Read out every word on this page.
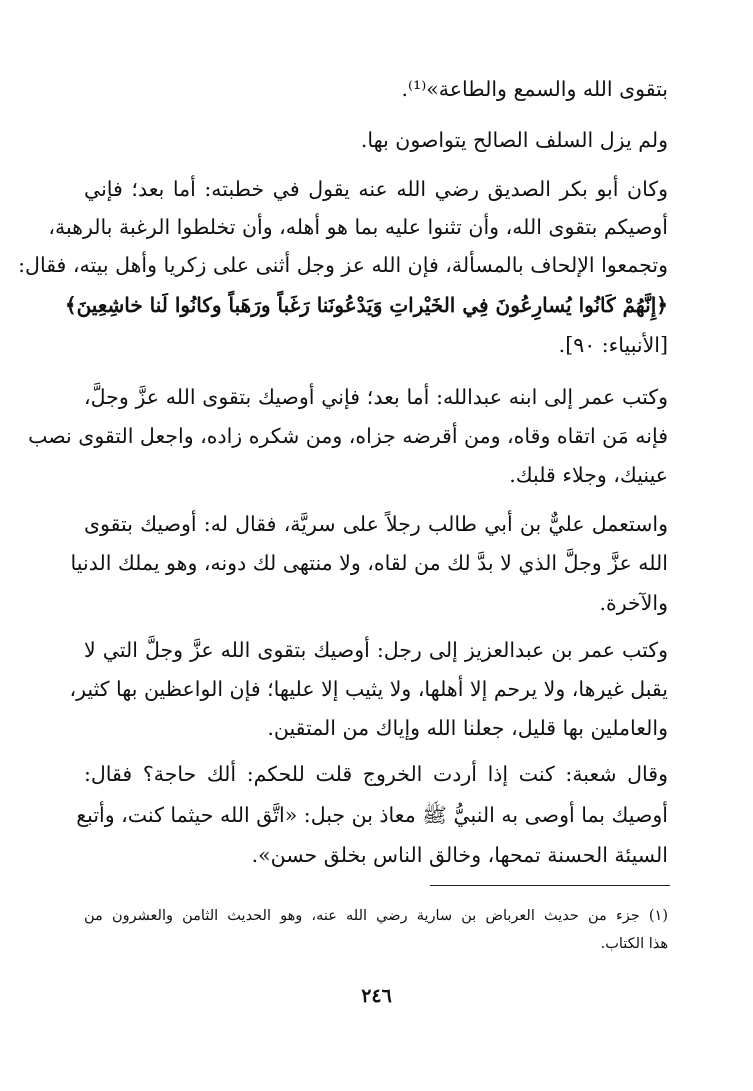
بتقوى الله والسمع والطاعة»⁽¹⁾.
ولم يزل السلف الصالح يتواصون بها.
وكان أبو بكر الصديق رضي الله عنه يقول في خطبته: أما بعد؛ فإني
أوصيكم بتقوى الله، وأن تثنوا عليه بما هو أهله، وأن تخلطوا الرغبة بالرهبة،
وتجمعوا الإلحاف بالمسألة، فإن الله عز وجل أثنى على زكريا وأهل بيته، فقال:
﴿إِنَّهُمْ كَانُوا يُسارِعُونَ فِي الخَيْراتِ وَيَدْعُونَنا رَغَباً ورَهَباً وكانُوا لَنا خاشِعِينَ﴾
[الأنبياء: ٩٠].
وكتب عمر إلى ابنه عبدالله: أما بعد؛ فإني أوصيك بتقوى الله عزَّ وجلَّ،
فإنه مَن اتقاه وقاه، ومن أقرضه جزاه، ومن شكره زاده، واجعل التقوى نصب
عينيك، وجلاء قلبك.
واستعمل عليٌّ بن أبي طالب رجلاً على سريَّة، فقال له: أوصيك بتقوى
الله عزَّ وجلَّ الذي لا بدَّ لك من لقاه، ولا منتهى لك دونه، وهو يملك الدنيا
والآخرة.
وكتب عمر بن عبدالعزيز إلى رجل: أوصيك بتقوى الله عزَّ وجلَّ التي لا
يقبل غيرها، ولا يرحم إلا أهلها، ولا يثيب إلا عليها؛ فإن الواعظين بها كثير،
والعاملين بها قليل، جعلنا الله وإياك من المتقين.
وقال شعبة: كنت إذا أردت الخروج قلت للحكم: ألك حاجة؟ فقال:
أوصيك بما أوصى به النبيُّ ﷺ معاذ بن جبل: «اتَّق الله حيثما كنت، وأتبع
السيئة الحسنة تمحها، وخالق الناس بخلق حسن».
(١) جزء من حديث العرباض بن سارية رضي الله عنه، وهو الحديث الثامن والعشرون من
هذا الكتاب.
٢٤٦
